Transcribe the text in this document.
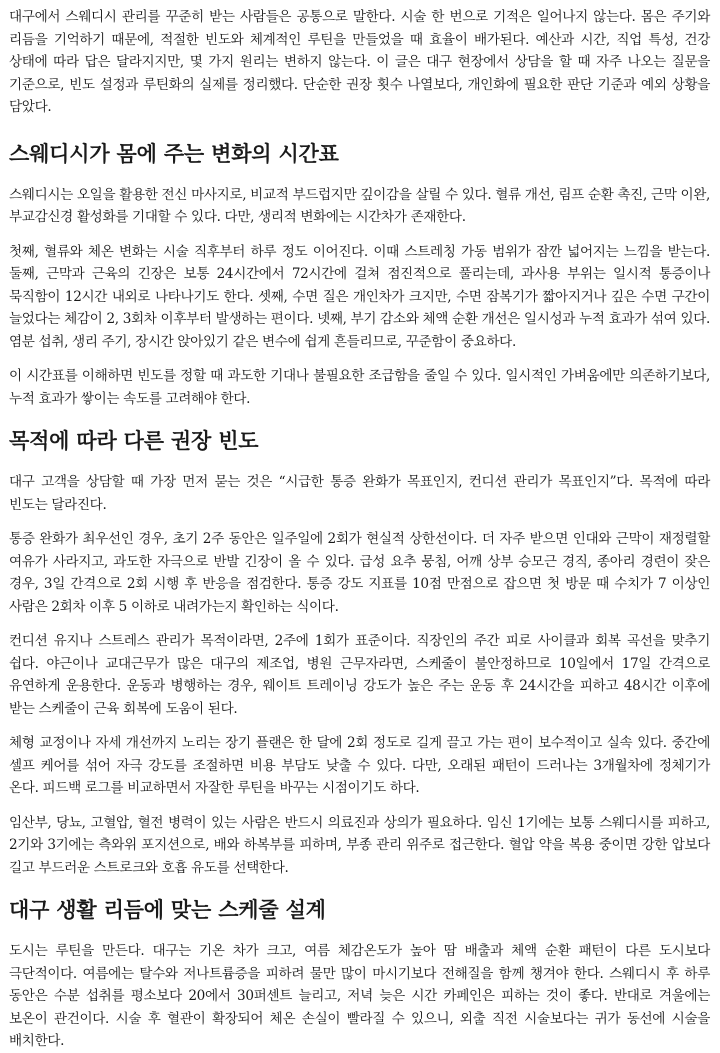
대구에서 스웨디시 관리를 꾸준히 받는 사람들은 공통으로 말한다. 시술 한 번으로 기적은 일어나지 않는다. 몸은 주기와 리듬을 기억하기 때문에, 적절한 빈도와 체계적인 루틴을 만들었을 때 효율이 배가된다. 예산과 시간, 직업 특성, 건강 상태에 따라 답은 달라지지만, 몇 가지 원리는 변하지 않는다. 이 글은 대구 현장에서 상담을 할 때 자주 나오는 질문을 기준으로, 빈도 설정과 루틴화의 실제를 정리했다. 단순한 권장 횟수 나열보다, 개인화에 필요한 판단 기준과 예외 상황을 담았다.

스웨디시가 몸에 주는 변화의 시간표

스웨디시는 오일을 활용한 전신 마사지로, 비교적 부드럽지만 깊이감을 살릴 수 있다. 혈류 개선, 림프 순환 촉진, 근막 이완, 부교감신경 활성화를 기대할 수 있다. 다만, 생리적 변화에는 시간차가 존재한다.

첫째, 혈류와 체온 변화는 시술 직후부터 하루 정도 이어진다. 이때 스트레칭 가동 범위가 잠깐 넓어지는 느낌을 받는다. 둘째, 근막과 근육의 긴장은 보통 24시간에서 72시간에 걸쳐 점진적으로 풀리는데, 과사용 부위는 일시적 통증이나 묵직함이 12시간 내외로 나타나기도 한다. 셋째, 수면 질은 개인차가 크지만, 수면 잠복기가 짧아지거나 깊은 수면 구간이 늘었다는 체감이 2, 3회차 이후부터 발생하는 편이다. 넷째, 부기 감소와 체액 순환 개선은 일시성과 누적 효과가 섞여 있다. 염분 섭취, 생리 주기, 장시간 앉아있기 같은 변수에 쉽게 흔들리므로, 꾸준함이 중요하다.

이 시간표를 이해하면 빈도를 정할 때 과도한 기대나 불필요한 조급함을 줄일 수 있다. 일시적인 가벼움에만 의존하기보다, 누적 효과가 쌓이는 속도를 고려해야 한다.

목적에 따라 다른 권장 빈도

대구 고객을 상담할 때 가장 먼저 묻는 것은 “시급한 통증 완화가 목표인지, 컨디션 관리가 목표인지”다. 목적에 따라 빈도는 달라진다.

통증 완화가 최우선인 경우, 초기 2주 동안은 일주일에 2회가 현실적 상한선이다. 더 자주 받으면 인대와 근막이 재정렬할 여유가 사라지고, 과도한 자극으로 반발 긴장이 올 수 있다. 급성 요추 뭉침, 어깨 상부 승모근 경직, 종아리 경련이 잦은 경우, 3일 간격으로 2회 시행 후 반응을 점검한다. 통증 강도 지표를 10점 만점으로 잡으면 첫 방문 때 수치가 7 이상인 사람은 2회차 이후 5 이하로 내려가는지 확인하는 식이다.

컨디션 유지나 스트레스 관리가 목적이라면, 2주에 1회가 표준이다. 직장인의 주간 피로 사이클과 회복 곡선을 맞추기 쉽다. 야근이나 교대근무가 많은 대구의 제조업, 병원 근무자라면, 스케줄이 불안정하므로 10일에서 17일 간격으로 유연하게 운용한다. 운동과 병행하는 경우, 웨이트 트레이닝 강도가 높은 주는 운동 후 24시간을 피하고 48시간 이후에 받는 스케줄이 근육 회복에 도움이 된다.

체형 교정이나 자세 개선까지 노리는 장기 플랜은 한 달에 2회 정도로 길게 끌고 가는 편이 보수적이고 실속 있다. 중간에 셀프 케어를 섞어 자극 강도를 조절하면 비용 부담도 낮출 수 있다. 다만, 오래된 패턴이 드러나는 3개월차에 정체기가 온다. 피드백 로그를 비교하면서 자잘한 루틴을 바꾸는 시점이기도 하다.

임산부, 당뇨, 고혈압, 혈전 병력이 있는 사람은 반드시 의료진과 상의가 필요하다. 임신 1기에는 보통 스웨디시를 피하고, 2기와 3기에는 측와위 포지션으로, 배와 하복부를 피하며, 부종 관리 위주로 접근한다. 혈압 약을 복용 중이면 강한 압보다 길고 부드러운 스트로크와 호흡 유도를 선택한다.

대구 생활 리듬에 맞는 스케줄 설계

도시는 루틴을 만든다. 대구는 기온 차가 크고, 여름 체감온도가 높아 땀 배출과 체액 순환 패턴이 다른 도시보다 극단적이다. 여름에는 탈수와 저나트륨증을 피하려 물만 많이 마시기보다 전해질을 함께 챙겨야 한다. 스웨디시 후 하루 동안은 수분 섭취를 평소보다 20에서 30퍼센트 늘리고, 저녁 늦은 시간 카페인은 피하는 것이 좋다. 반대로 겨울에는 보온이 관건이다. 시술 후 혈관이 확장되어 체온 손실이 빨라질 수 있으니, 외출 직전 시술보다는 귀가 동선에 시술을 배치한다.
